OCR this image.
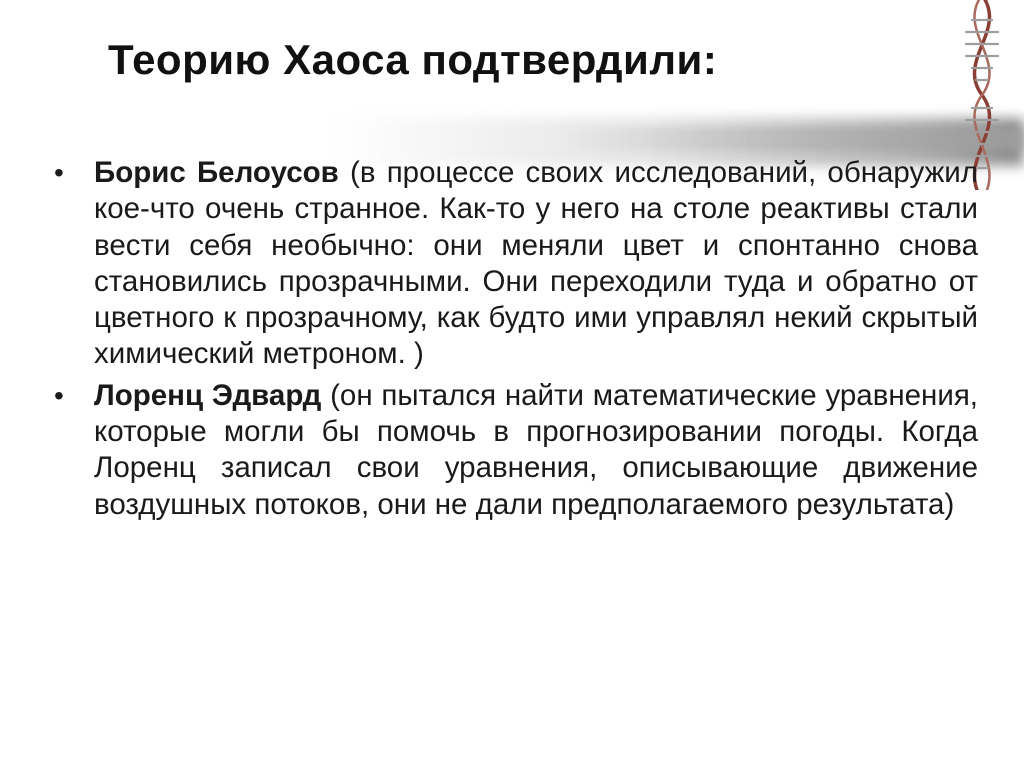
Теорию Хаоса подтвердили:
• Борис Белоусов (в процессе своих исследований, обнаружил кое-что очень странное. Как-то у него на столе реактивы стали вести себя необычно: они меняли цвет и спонтанно снова становились прозрачными. Они переходили туда и обратно от цветного к прозрачному, как будто ими управлял некий скрытый химический метроном. )
• Лоренц Эдвард (он пытался найти математические уравнения, которые могли бы помочь в прогнозировании погоды. Когда Лоренц записал свои уравнения, описывающие движение воздушных потоков, они не дали предполагаемого результата)
